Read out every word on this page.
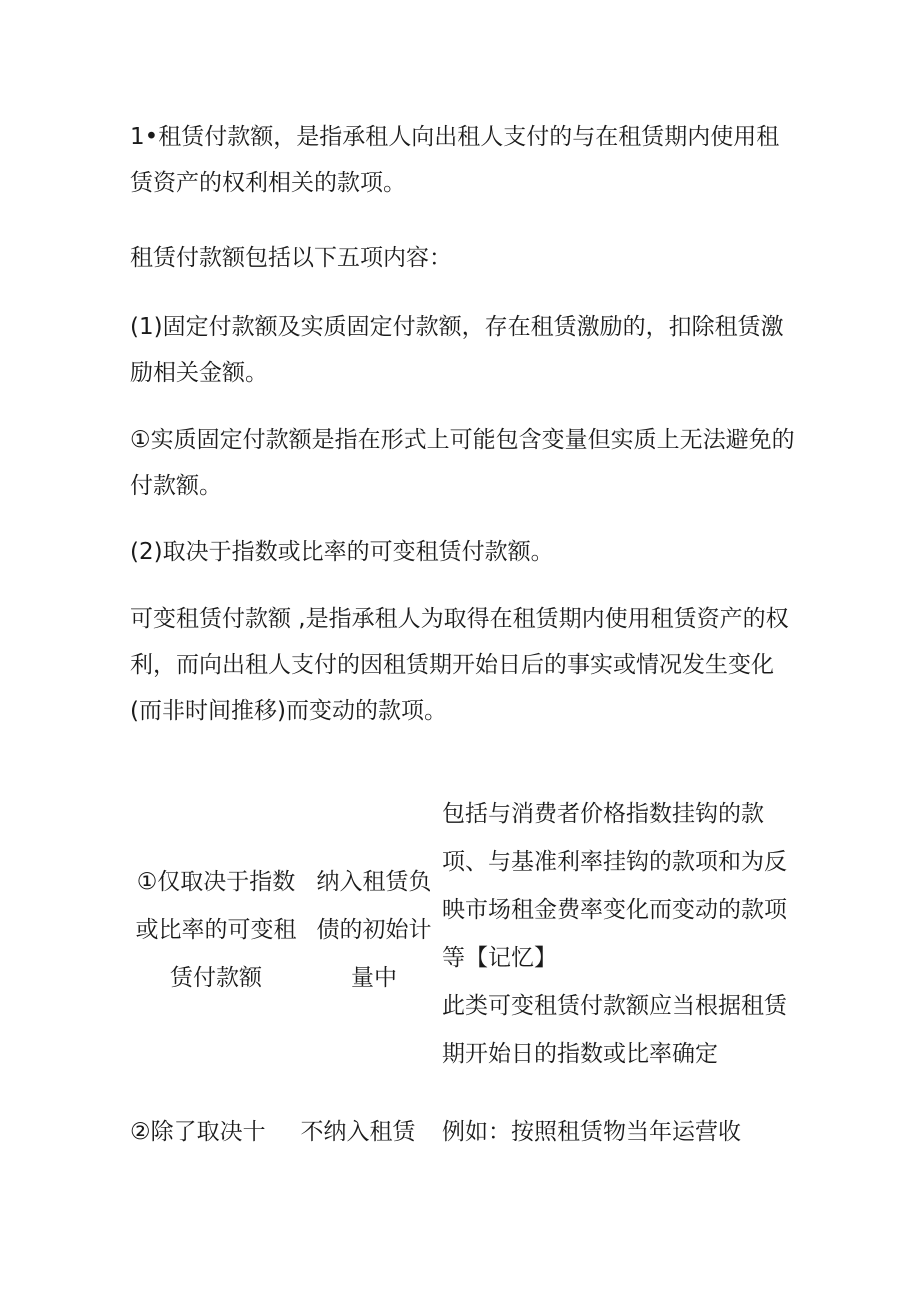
1•租赁付款额，是指承租人向出租人支付的与在租赁期内使用租赁资产的权利相关的款项。

租赁付款额包括以下五项内容：

(1)固定付款额及实质固定付款额，存在租赁激励的，扣除租赁激励相关金额。

①实质固定付款额是指在形式上可能包含变量但实质上无法避免的付款额。

(2)取决于指数或比率的可变租赁付款额。

可变租赁付款额 ,是指承租人为取得在租赁期内使用租赁资产的权利，而向出租人支付的因租赁期开始日后的事实或情况发生变化(而非时间推移)而变动的款项。

①仅取决于指数或比率的可变租赁付款额
纳入租赁负债的初始计量中
包括与消费者价格指数挂钩的款项、与基准利率挂钩的款项和为反映市场租金费率变化而变动的款项等【记忆】
此类可变租赁付款额应当根据租赁期开始日的指数或比率确定
②除了取决十	不纳入租赁 例如：按照租赁物当年运营收
